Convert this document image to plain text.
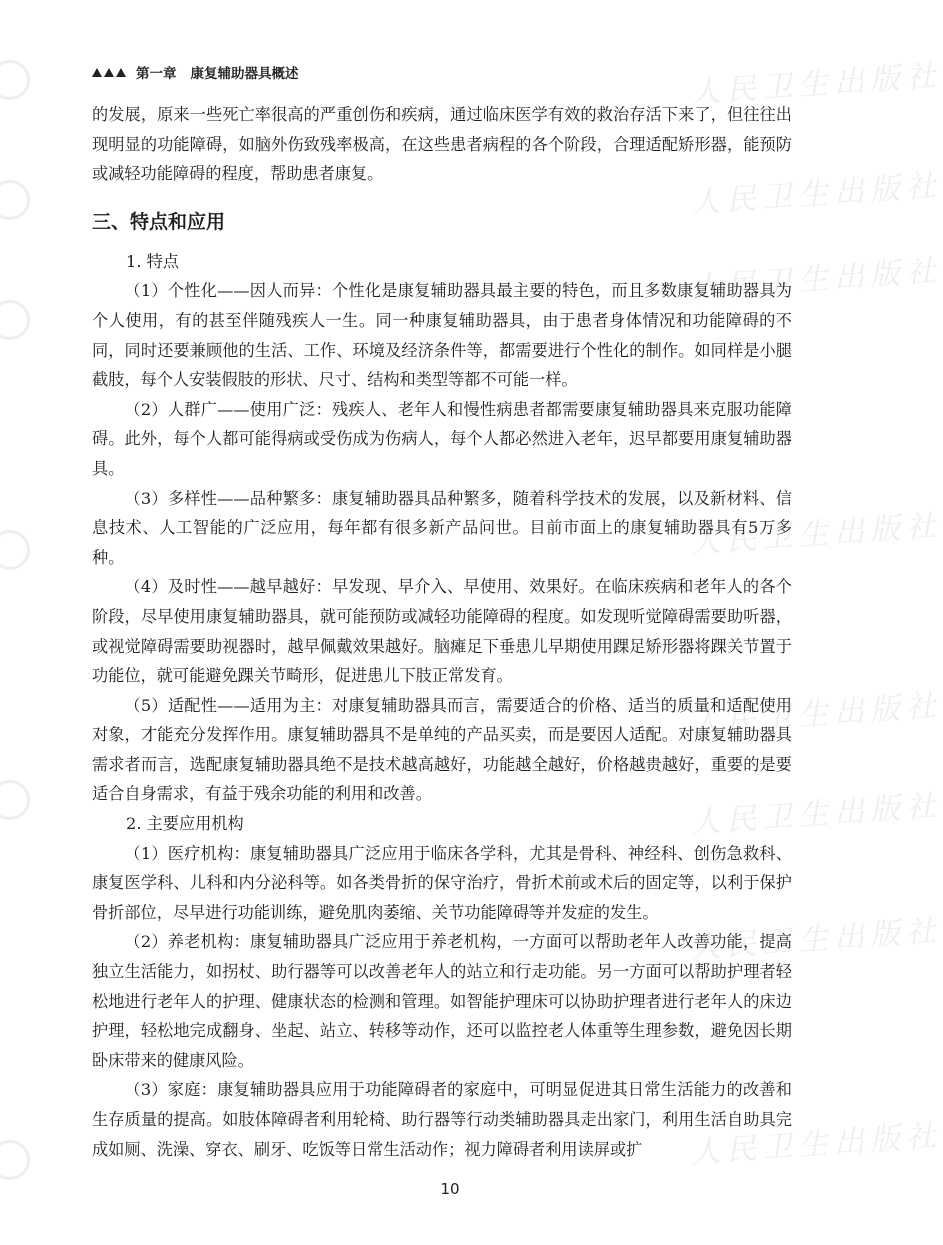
人民卫生出版社
人民卫生出版社
人民卫生出版社
人民卫生出版社
人民卫生出版社
人民卫生出版社
人民卫生出版社
人民卫生出版社
第一章 康复辅助器具概述

的发展，原来一些死亡率很高的严重创伤和疾病，通过临床医学有效的救治存活下来了，但往往出现明显的功能障碍，如脑外伤致残率极高，在这些患者病程的各个阶段，合理适配矫形器，能预防或减轻功能障碍的程度，帮助患者康复。

三、特点和应用

1. 特点

（1）个性化——因人而异：个性化是康复辅助器具最主要的特色，而且多数康复辅助器具为个人使用，有的甚至伴随残疾人一生。同一种康复辅助器具，由于患者身体情况和功能障碍的不同，同时还要兼顾他的生活、工作、环境及经济条件等，都需要进行个性化的制作。如同样是小腿截肢，每个人安装假肢的形状、尺寸、结构和类型等都不可能一样。

（2）人群广——使用广泛：残疾人、老年人和慢性病患者都需要康复辅助器具来克服功能障碍。此外，每个人都可能得病或受伤成为伤病人，每个人都必然进入老年，迟早都要用康复辅助器具。

（3）多样性——品种繁多：康复辅助器具品种繁多，随着科学技术的发展，以及新材料、信息技术、人工智能的广泛应用，每年都有很多新产品问世。目前市面上的康复辅助器具有5万多种。

（4）及时性——越早越好：早发现、早介入、早使用、效果好。在临床疾病和老年人的各个阶段，尽早使用康复辅助器具，就可能预防或减轻功能障碍的程度。如发现听觉障碍需要助听器，或视觉障碍需要助视器时，越早佩戴效果越好。脑瘫足下垂患儿早期使用踝足矫形器将踝关节置于功能位，就可能避免踝关节畸形，促进患儿下肢正常发育。

（5）适配性——适用为主：对康复辅助器具而言，需要适合的价格、适当的质量和适配使用对象，才能充分发挥作用。康复辅助器具不是单纯的产品买卖，而是要因人适配。对康复辅助器具需求者而言，选配康复辅助器具绝不是技术越高越好，功能越全越好，价格越贵越好，重要的是要适合自身需求，有益于残余功能的利用和改善。

2. 主要应用机构

（1）医疗机构：康复辅助器具广泛应用于临床各学科，尤其是骨科、神经科、创伤急救科、康复医学科、儿科和内分泌科等。如各类骨折的保守治疗，骨折术前或术后的固定等，以利于保护骨折部位，尽早进行功能训练，避免肌肉萎缩、关节功能障碍等并发症的发生。

（2）养老机构：康复辅助器具广泛应用于养老机构，一方面可以帮助老年人改善功能，提高独立生活能力，如拐杖、助行器等可以改善老年人的站立和行走功能。另一方面可以帮助护理者轻松地进行老年人的护理、健康状态的检测和管理。如智能护理床可以协助护理者进行老年人的床边护理，轻松地完成翻身、坐起、站立、转移等动作，还可以监控老人体重等生理参数，避免因长期卧床带来的健康风险。

（3）家庭：康复辅助器具应用于功能障碍者的家庭中，可明显促进其日常生活能力的改善和生存质量的提高。如肢体障碍者利用轮椅、助行器等行动类辅助器具走出家门，利用生活自助具完成如厕、洗澡、穿衣、刷牙、吃饭等日常生活动作；视力障碍者利用读屏或扩

10
